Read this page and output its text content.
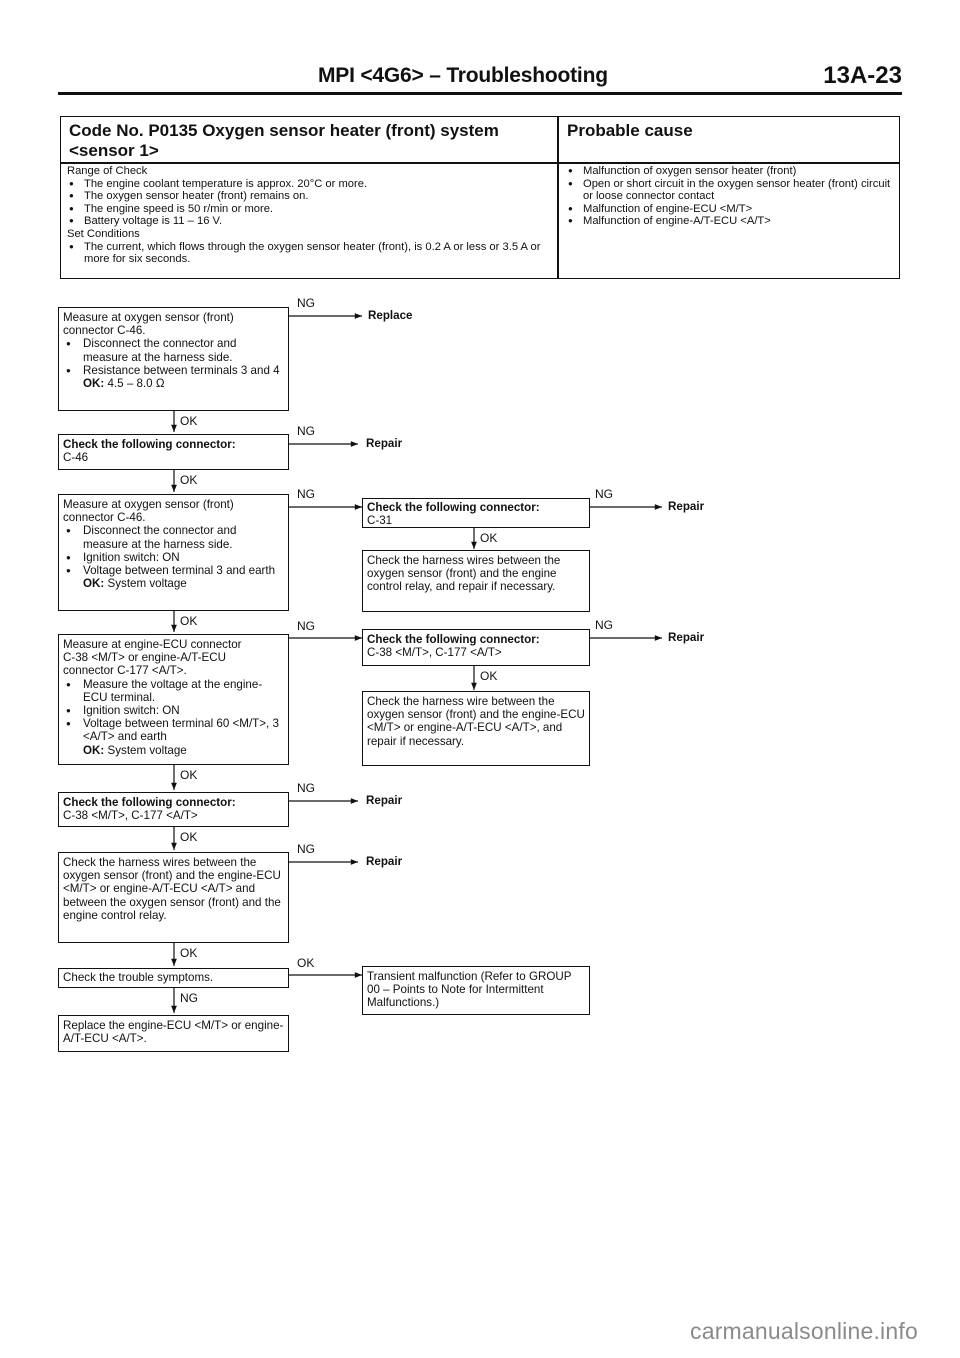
MPI <4G6> – Troubleshooting	13A-23
Code No. P0135 Oxygen sensor heater (front) system <sensor 1>
Probable cause
Range of Check
● The engine coolant temperature is approx. 20°C or more.
● The oxygen sensor heater (front) remains on.
● The engine speed is 50 r/min or more.
● Battery voltage is 11 – 16 V.
Set Conditions
● The current, which flows through the oxygen sensor heater (front), is 0.2 A or less or 3.5 A or more for six seconds.
● Malfunction of oxygen sensor heater (front)
● Open or short circuit in the oxygen sensor heater (front) circuit or loose connector contact
● Malfunction of engine-ECU <M/T>
● Malfunction of engine-A/T-ECU <A/T>
Measure at oxygen sensor (front)
connector C-46.
● Disconnect the connector and measure at the harness side.
● Resistance between terminals 3 and 4
OK: 4.5 – 8.0 Ω
NG
Replace
OK
Check the following connector:
C-46
NG
Repair
OK
Measure at oxygen sensor (front)
connector C-46.
● Disconnect the connector and measure at the harness side.
● Ignition switch: ON
● Voltage between terminal 3 and earth
OK: System voltage
NG
Check the following connector:
C-31
NG
Repair
OK
Check the harness wires between the oxygen sensor (front) and the engine control relay, and repair if necessary.
OK
Measure at engine-ECU connector
C-38 <M/T> or engine-A/T-ECU
connector C-177 <A/T>.
● Measure the voltage at the engine-ECU terminal.
● Ignition switch: ON
● Voltage between terminal 60 <M/T>, 3 <A/T> and earth
OK: System voltage
NG
Check the following connector:
C-38 <M/T>, C-177 <A/T>
NG
Repair
OK
Check the harness wire between the oxygen sensor (front) and the engine-ECU <M/T> or engine-A/T-ECU <A/T>, and repair if necessary.
OK
Check the following connector:
C-38 <M/T>, C-177 <A/T>
NG
Repair
OK
Check the harness wires between the oxygen sensor (front) and the engine-ECU <M/T> or engine-A/T-ECU <A/T> and between the oxygen sensor (front) and the engine control relay.
NG
Repair
OK
Check the trouble symptoms.
OK
Transient malfunction (Refer to GROUP 00 – Points to Note for Intermittent Malfunctions.)
NG
Replace the engine-ECU <M/T> or engine-A/T-ECU <A/T>.
carmanualsonline.info
